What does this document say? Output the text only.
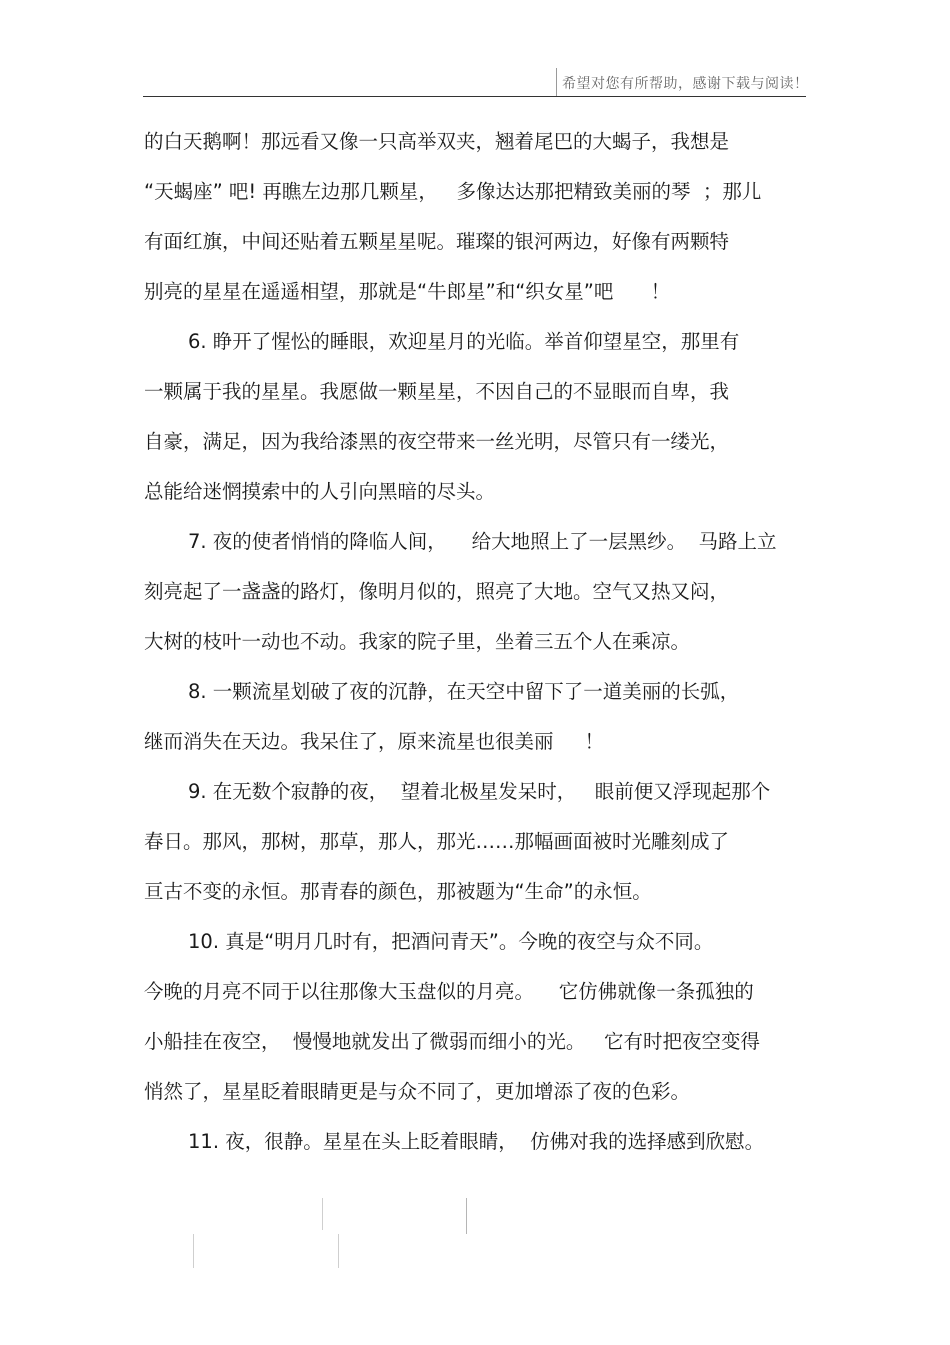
希望对您有所帮助，感谢下载与阅读！
的白天鹅啊！那远看又像一只高举双夹，翘着尾巴的大蝎子，我想是
“天蝎座” 吧! 再瞧左边那几颗星，   多像达达那把精致美丽的琴  ；那儿
有面红旗，中间还贴着五颗星星呢。璀璨的银河两边，好像有两颗特
别亮的星星在遥遥相望，那就是“牛郎星”和“织女星”吧      ！
6. 睁开了惺忪的睡眼，欢迎星月的光临。举首仰望星空，那里有
一颗属于我的星星。我愿做一颗星星，不因自己的不显眼而自卑，我
自豪，满足，因为我给漆黑的夜空带来一丝光明，尽管只有一缕光，
总能给迷惘摸索中的人引向黑暗的尽头。
7. 夜的使者悄悄的降临人间，    给大地照上了一层黑纱。  马路上立
刻亮起了一盏盏的路灯，像明月似的，照亮了大地。空气又热又闷，
大树的枝叶一动也不动。我家的院子里，坐着三五个人在乘凉。
8. 一颗流星划破了夜的沉静，在天空中留下了一道美丽的长弧，
继而消失在天边。我呆住了，原来流星也很美丽     ！
9. 在无数个寂静的夜，  望着北极星发呆时，   眼前便又浮现起那个
春日。那风，那树，那草，那人，那光……那幅画面被时光雕刻成了
亘古不变的永恒。那青春的颜色，那被题为“生命”的永恒。
10. 真是“明月几时有，把酒问青天”。今晚的夜空与众不同。
今晚的月亮不同于以往那像大玉盘似的月亮。    它仿佛就像一条孤独的
小船挂在夜空，  慢慢地就发出了微弱而细小的光。   它有时把夜空变得
悄然了，星星眨着眼睛更是与众不同了，更加增添了夜的色彩。
11. 夜，很静。星星在头上眨着眼睛，  仿佛对我的选择感到欣慰。
